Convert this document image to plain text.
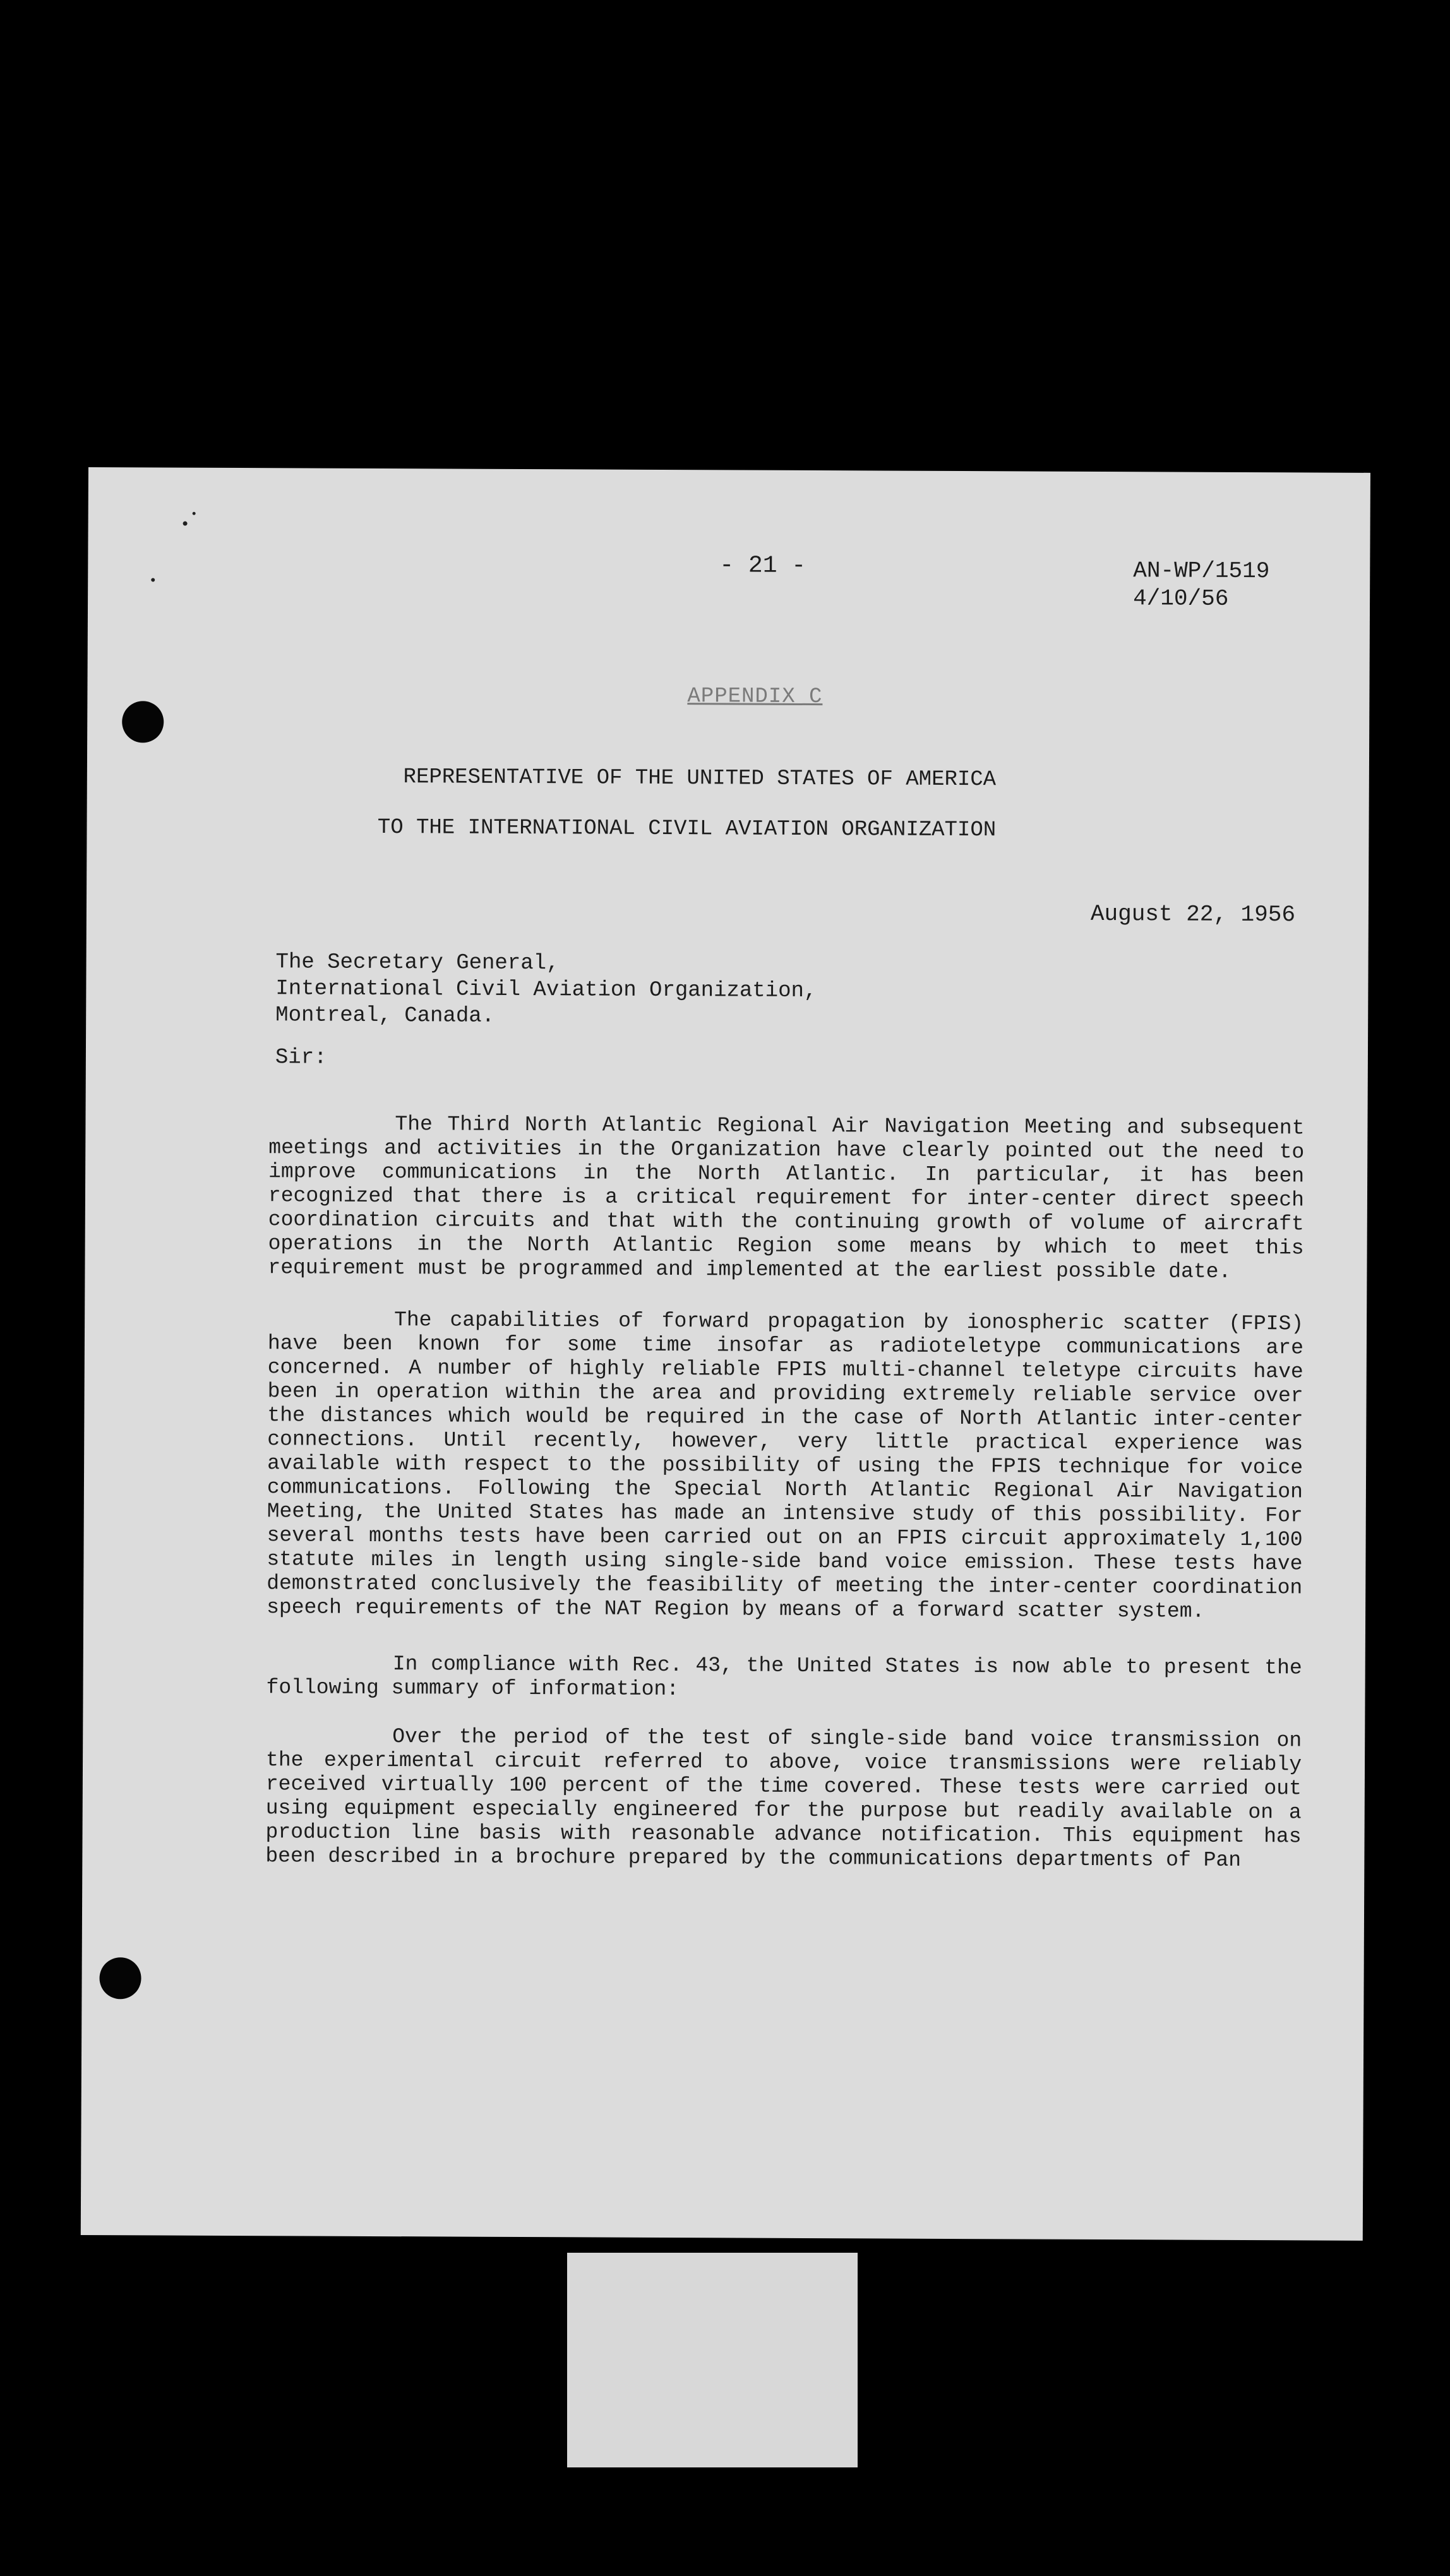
- 21 -	AN-WP/1519
4/10/56
APPENDIX C
REPRESENTATIVE OF THE UNITED STATES OF AMERICA
TO THE INTERNATIONAL CIVIL AVIATION ORGANIZATION
August 22, 1956
The Secretary General,
International Civil Aviation Organization,
Montreal, Canada.
Sir:

The Third North Atlantic Regional Air Navigation Meeting and subsequent meetings and activities in the Organization have clearly pointed out the need to improve communications in the North Atlantic. In particular, it has been recognized that there is a critical requirement for inter-center direct speech coordination circuits and that with the continuing growth of volume of aircraft operations in the North Atlantic Region some means by which to meet this requirement must be programmed and implemented at the earliest possible date.

The capabilities of forward propagation by ionospheric scatter (FPIS) have been known for some time insofar as radioteletype communications are concerned. A number of highly reliable FPIS multi-channel teletype circuits have been in operation within the area and providing extremely reliable service over the distances which would be required in the case of North Atlantic inter-center connections. Until recently, however, very little practical experience was available with respect to the possibility of using the FPIS technique for voice communications. Following the Special North Atlantic Regional Air Navigation Meeting, the United States has made an intensive study of this possibility. For several months tests have been carried out on an FPIS circuit approximately 1,100 statute miles in length using single-side band voice emission. These tests have demonstrated conclusively the feasibility of meeting the inter-center coordination speech requirements of the NAT Region by means of a forward scatter system.

In compliance with Rec. 43, the United States is now able to present the following summary of information:

Over the period of the test of single-side band voice transmission on the experimental circuit referred to above, voice transmissions were reliably received virtually 100 percent of the time covered. These tests were carried out using equipment especially engineered for the purpose but readily available on a production line basis with reasonable advance notification. This equipment has been described in a brochure prepared by the communications departments of Pan
